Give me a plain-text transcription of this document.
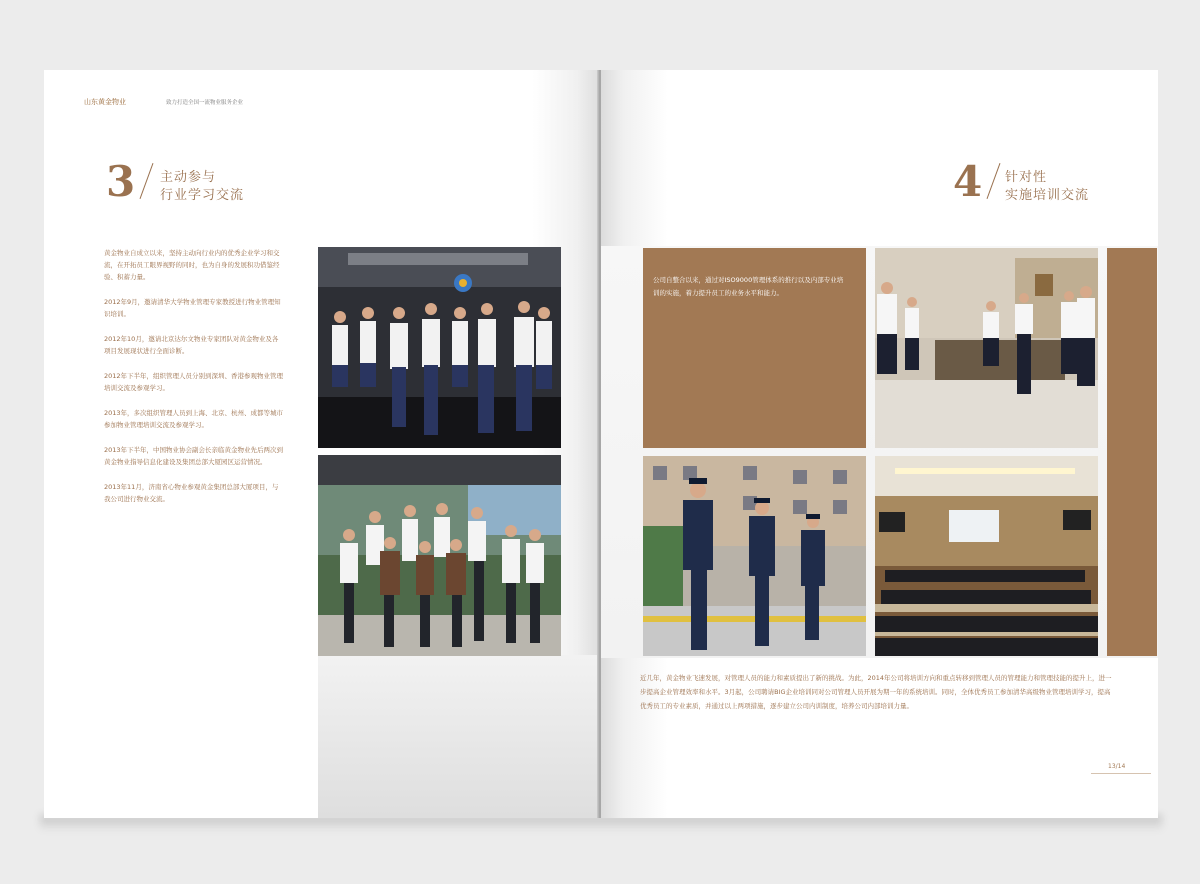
山东黄金物业	致力打造全国一流物业服务企业
3 主动参与
行业学习交流

黄金物业自成立以来，坚持主动向行业内的优秀企业学习和交流，在开拓员工眼界视野的同时，也为自身的发展积功借鉴经验、积蓄力量。

2012年9月，邀请清华大学物业管理专家教授进行物业管理知识培训。

2012年10月，邀请北京达尔文物业专家团队对黄金物业及各项目发展现状进行全面诊断。

2012年下半年，组织管理人员分别到深圳、香港参观物业管理培训交流及参观学习。

2013年，多次组织管理人员到上海、北京、杭州、成都等城市参加物业管理培训交流及参观学习。

2013年下半年，中国物业协会副会长亲临黄金物业先后两次到黄金物业指导信息化建设及集团总部大厦园区运营情况。

2013年11月，济南省心物业参观黄金集团总部大厦项目，与我公司进行物业交流。

4 针对性
实施培训交流
公司自整合以来，通过对ISO9000管理体系的推行以及内部专业培训的实施，着力提升员工的业务水平和能力。
近几年，黄金物业飞速发展，对管理人员的能力和素质提出了新的挑战。为此，2014年公司将培训方向和重点转移到管理人员的管理能力和管理技能的提升上，进一步提高企业管理效率和水平。3月起，公司聘请BIG企业培训同对公司管理人员开展为期一年的系统培训。同时，全体优秀员工参加清华高级物业管理培训学习，提高优秀员工的专业素质，并通过以上两项措施，逐步建立公司内训制度，培养公司内部培训力量。
13/14
